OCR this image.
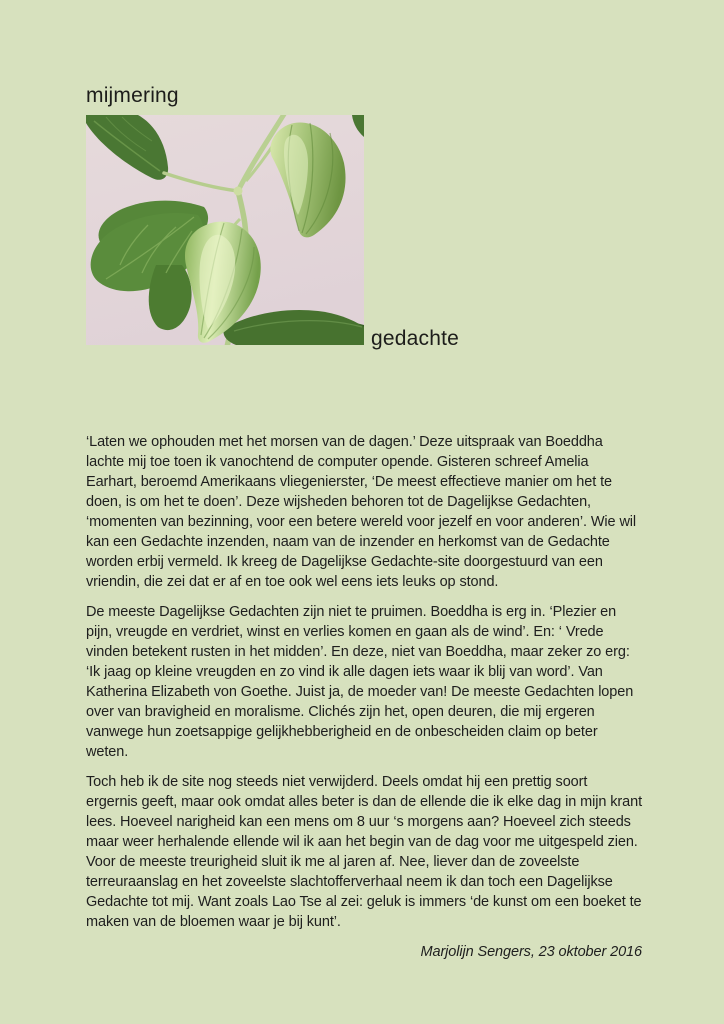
mijmering
gedachte

‘Laten we ophouden met het morsen van de dagen.’ Deze uitspraak van Boeddha lachte mij toe toen ik vanochtend de computer opende. Gisteren schreef Amelia Earhart, beroemd Amerikaans vliegenierster, ‘De meest effectieve manier om het te doen, is om het te doen’. Deze wijsheden behoren tot de Dagelijkse Gedachten, ‘momenten van bezinning, voor een betere wereld voor jezelf en voor anderen’. Wie wil kan een Gedachte inzenden, naam van de inzender en herkomst van de Gedachte worden erbij vermeld. Ik kreeg de Dagelijkse Gedachte-site doorgestuurd van een vriendin, die zei dat er af en toe ook wel eens iets leuks op stond.

De meeste Dagelijkse Gedachten zijn niet te pruimen. Boeddha is erg in. ‘Plezier en pijn, vreugde en verdriet, winst en verlies komen en gaan als de wind’. En: ‘ Vrede vinden betekent rusten in het midden’. En deze, niet van Boeddha, maar zeker zo erg: ‘Ik jaag op kleine vreugden en zo vind ik alle dagen iets waar ik blij van word’. Van Katherina Elizabeth von Goethe. Juist ja, de moeder van! De meeste Gedachten lopen over van bravigheid en moralisme. Clichés zijn het, open deuren, die mij ergeren vanwege hun zoetsappige gelijkhebberigheid en de onbescheiden claim op beter weten.

Toch heb ik de site nog steeds niet verwijderd. Deels omdat hij een prettig soort ergernis geeft, maar ook omdat alles beter is dan de ellende die ik elke dag in mijn krant lees. Hoeveel narigheid kan een mens om 8 uur ‘s morgens aan? Hoeveel zich steeds maar weer herhalende ellende wil ik aan het begin van de dag voor me uitgespeld zien. Voor de meeste treurigheid sluit ik me al jaren af. Nee, liever dan de zoveelste terreuraanslag en het zoveelste slachtofferverhaal neem ik dan toch een Dagelijkse Gedachte tot mij. Want zoals Lao Tse al zei: geluk is immers ‘de kunst om een boeket te maken van de bloemen waar je bij kunt’.

Marjolijn Sengers, 23 oktober 2016
